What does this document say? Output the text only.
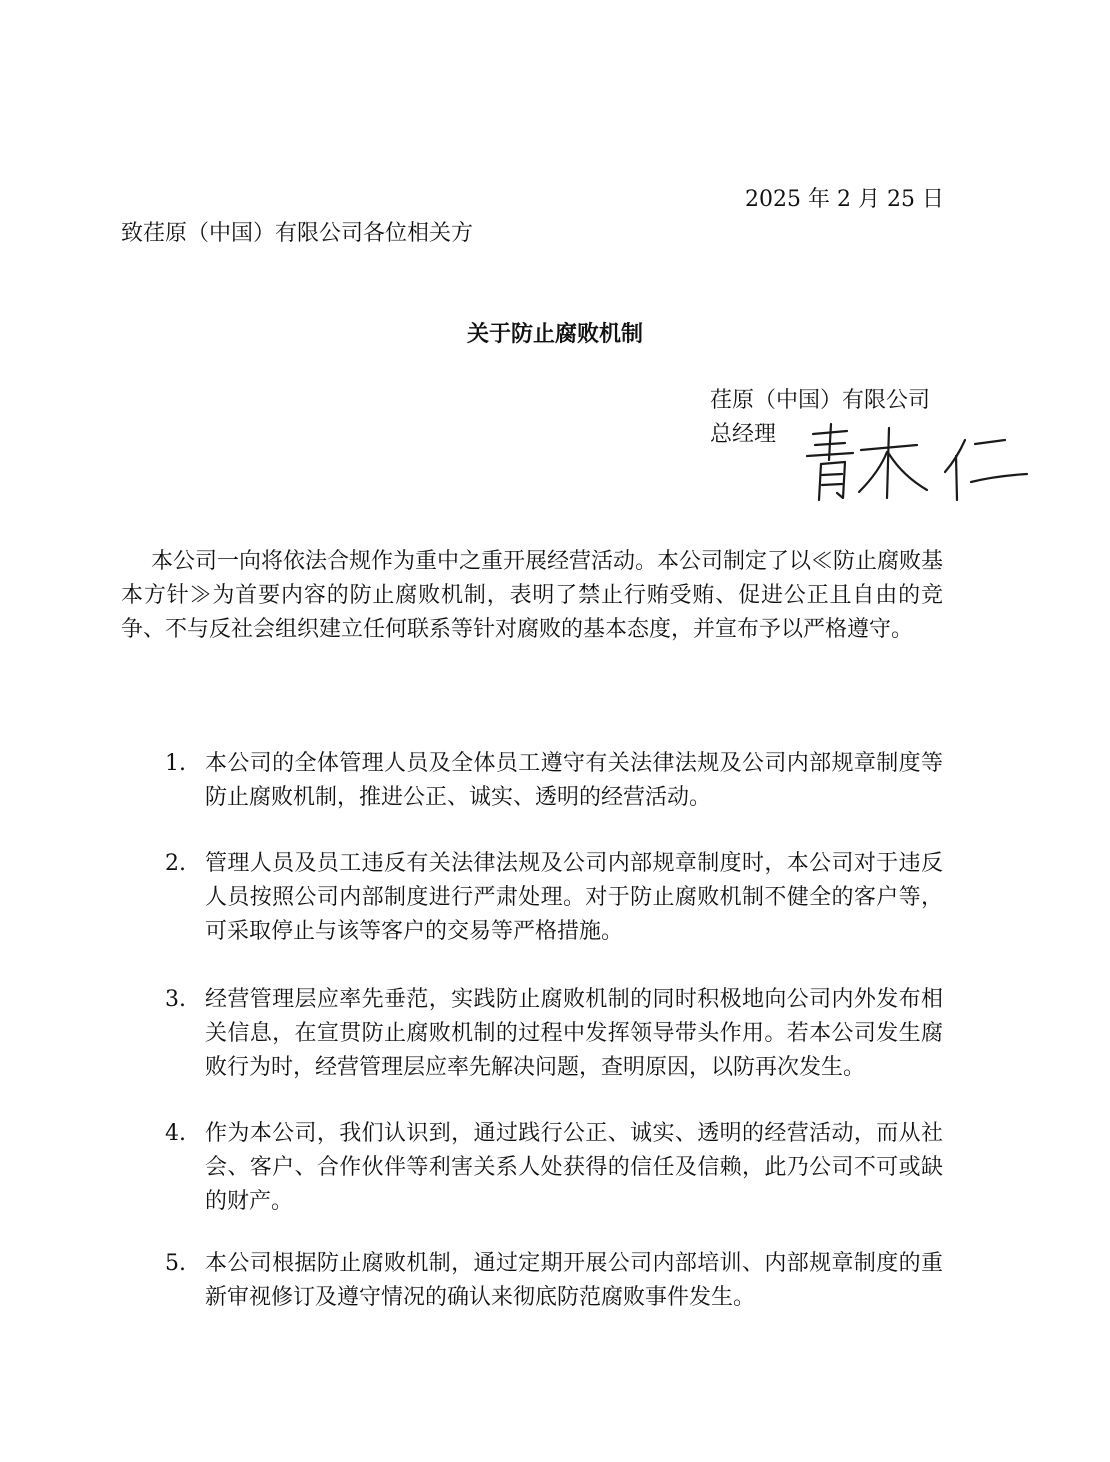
2025 年 2 月 25 日
致荏原（中国）有限公司各位相关方
关于防止腐败机制
荏原（中国）有限公司
总经理

本公司一向将依法合规作为重中之重开展经营活动。本公司制定了以≪防止腐败基本方针≫为首要内容的防止腐败机制，表明了禁止行贿受贿、促进公正且自由的竞争、不与反社会组织建立任何联系等针对腐败的基本态度，并宣布予以严格遵守。

1. 本公司的全体管理人员及全体员工遵守有关法律法规及公司内部规章制度等防止腐败机制，推进公正、诚实、透明的经营活动。

2. 管理人员及员工违反有关法律法规及公司内部规章制度时，本公司对于违反人员按照公司内部制度进行严肃处理。对于防止腐败机制不健全的客户等，可采取停止与该等客户的交易等严格措施。

3. 经营管理层应率先垂范，实践防止腐败机制的同时积极地向公司内外发布相关信息，在宣贯防止腐败机制的过程中发挥领导带头作用。若本公司发生腐败行为时，经营管理层应率先解决问题，查明原因，以防再次发生。

4. 作为本公司，我们认识到，通过践行公正、诚实、透明的经营活动，而从社会、客户、合作伙伴等利害关系人处获得的信任及信赖，此乃公司不可或缺的财产。

5. 本公司根据防止腐败机制，通过定期开展公司内部培训、内部规章制度的重新审视修订及遵守情况的确认来彻底防范腐败事件发生。
